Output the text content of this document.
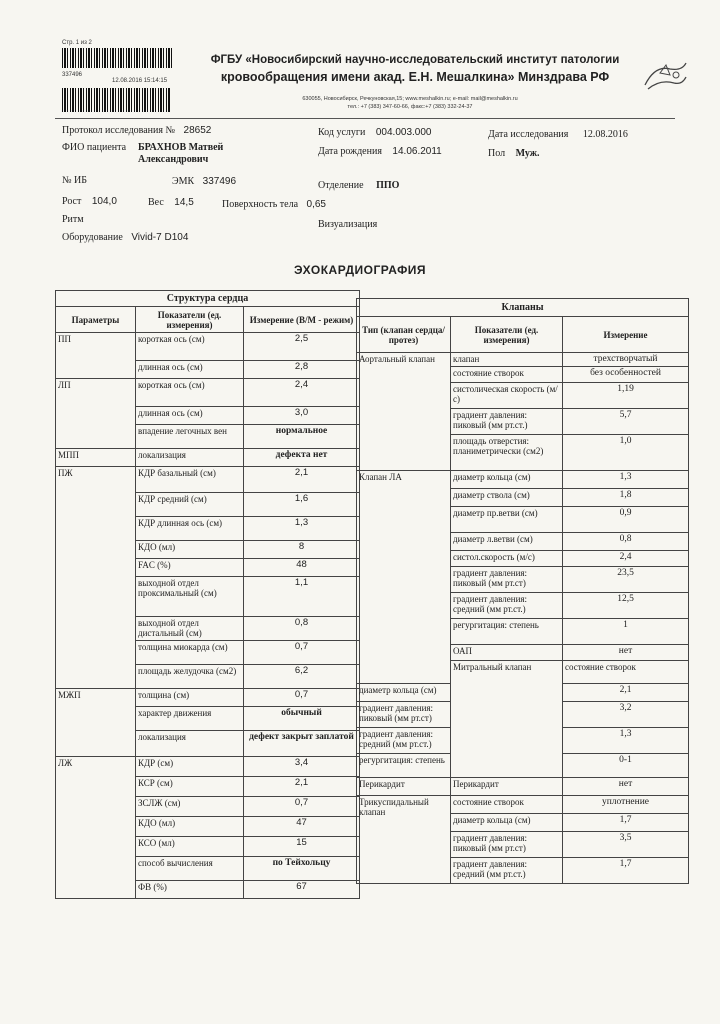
Стр. 1 из 2
337496
12.08.2016 15:14:15
ФГБУ «Новосибирский научно-исследовательский институт патологии
кровообращения имени акад. Е.Н. Мешалкина» Минздрава РФ
630055, Новосибирск, Речкуновская,15; www.meshalkin.ru; e-mail: mail@meshalkin.ru
тел.: +7 (383) 347-60-66, факс:+7 (383) 332-24-37
Протокол исследования № 28652	Код услуги 004.003.000	Дата исследования 12.08.2016
ФИО пациента БРАХНОВ Матвей
Александрович
Дата рождения 14.06.2011	Пол Муж.
№ ИБ	ЭМК 337496	Отделение ППО
Рост 104,0	Вес 14,5	Поверхность тела 0,65
Ритм	Визуализация
Оборудование Vivid-7 D104
ЭХОКАРДИОГРАФИЯ
Структура сердца		
Параметры	Показатели (ед. измерения)	Измерение (В/М - режим)
ПП	короткая ось (см)	2,5
	длинная ось (см)	2,8
ЛП	короткая ось (см)	2,4
	длинная ось (см)	3,0
	впадение легочных вен	нормальное
МПП	локализация	дефекта нет
ПЖ	КДР базальный (см)	2,1
	КДР средний (см)	1,6
	КДР длинная ось (см)	1,3
	КДО (мл)	8
	FAC (%)	48
	выходной отдел проксимальный (см)	1,1
	выходной отдел дистальный (см)	0,8
	толщина миокарда (см)	0,7
	площадь желудочка (см2)	6,2
МЖП	толщина (см)	0,7
	характер движения	обычный
	локализация	дефект закрыт заплатой
ЛЖ	КДР (см)	3,4
	КСР (см)	2,1
	ЗСЛЖ (см)	0,7
	КДО (мл)	47
	КСО (мл)	15
	способ вычисления	по Тейхольцу
	ФВ (%)	67
Клапаны			
Тип (клапан сердца/ протез)	Показатели (ед. измерения)	Измерение	
Аортальный клапан	клапан	трехстворчатый	
	состояние створок	без особенностей	
	систолическая скорость (м/с)	1,19	
	градиент давления: пиковый (мм рт.ст.)	5,7	
	площадь отверстия: планиметрически (см2)	1,0	
Клапан ЛА	диаметр кольца (см)	1,3	
	диаметр ствола (см)	1,8	
	диаметр пр.ветви (см)	0,9	
	диаметр л.ветви (см)	0,8	
	систол.скорость (м/с)	2,4	
	градиент давления: пиковый (мм рт.ст)	23,5	
	градиент давления: средний (мм рт.ст.)	12,5	
	регургитация: степень	1	
	ОАП	нет	
	Митральный клапан	состояние створок	
диаметр кольца (см)		2,1	
градиент давления: пиковый (мм рт.ст)		3,2	
градиент давления: средний (мм рт.ст.)		1,3	
регургитация: степень		0-1	
Перикардит	Перикардит	нет	
Трикуспидальный клапан	состояние створок	уплотнение	
	диаметр кольца (см)	1,7	
	градиент давления: пиковый (мм рт.ст)	3,5	
	градиент давления: средний (мм рт.ст.)	1,7	
